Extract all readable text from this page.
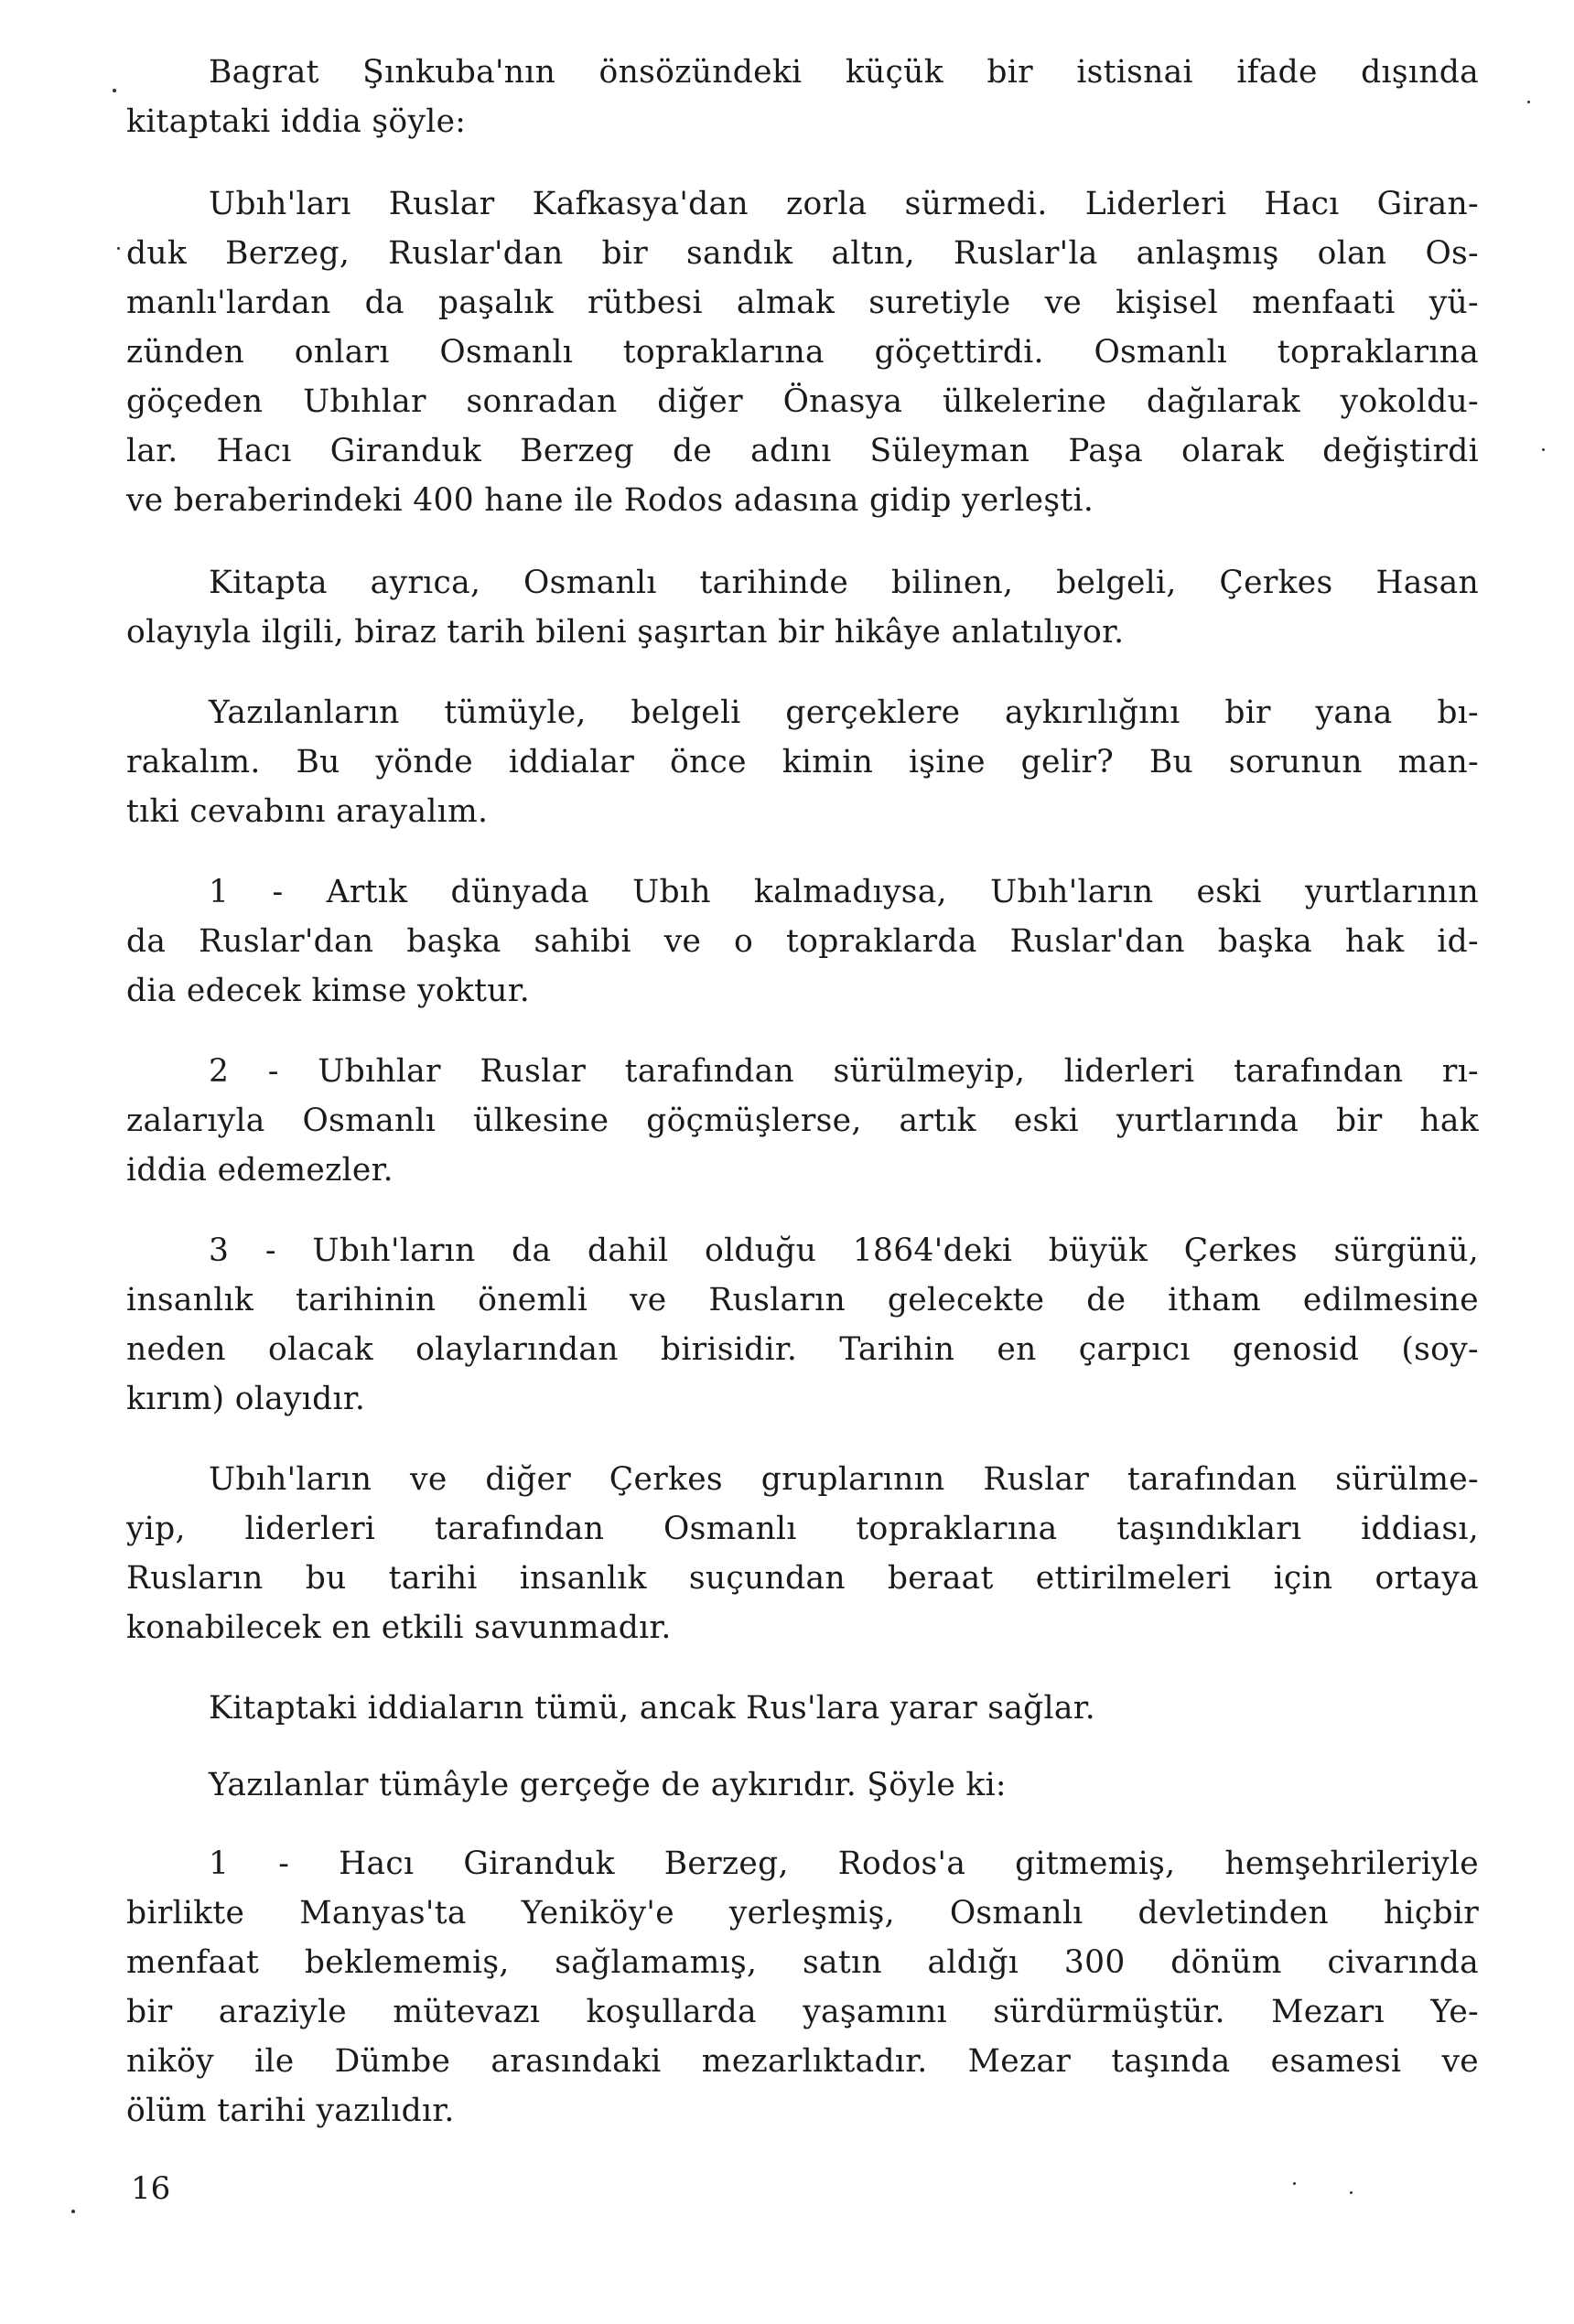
Bagrat Şınkuba'nın önsözündeki küçük bir istisnai ifade dışında
kitaptaki iddia şöyle:
Ubıh'ları Ruslar Kafkasya'dan zorla sürmedi. Liderleri Hacı Giran-
duk Berzeg, Ruslar'dan bir sandık altın, Ruslar'la anlaşmış olan Os-
manlı'lardan da paşalık rütbesi almak suretiyle ve kişisel menfaati yü-
zünden onları Osmanlı topraklarına göçettirdi. Osmanlı topraklarına
göçeden Ubıhlar sonradan diğer Önasya ülkelerine dağılarak yokoldu-
lar. Hacı Giranduk Berzeg de adını Süleyman Paşa olarak değiştirdi
ve beraberindeki 400 hane ile Rodos adasına gidip yerleşti.
Kitapta ayrıca, Osmanlı tarihinde bilinen, belgeli, Çerkes Hasan
olayıyla ilgili, biraz tarih bileni şaşırtan bir hikâye anlatılıyor.
Yazılanların tümüyle, belgeli gerçeklere aykırılığını bir yana bı-
rakalım. Bu yönde iddialar önce kimin işine gelir? Bu sorunun man-
tıki cevabını arayalım.
1 - Artık dünyada Ubıh kalmadıysa, Ubıh'ların eski yurtlarının
da Ruslar'dan başka sahibi ve o topraklarda Ruslar'dan başka hak id-
dia edecek kimse yoktur.
2 - Ubıhlar Ruslar tarafından sürülmeyip, liderleri tarafından rı-
zalarıyla Osmanlı ülkesine göçmüşlerse, artık eski yurtlarında bir hak
iddia edemezler.
3 - Ubıh'ların da dahil olduğu 1864'deki büyük Çerkes sürgünü,
insanlık tarihinin önemli ve Rusların gelecekte de itham edilmesine
neden olacak olaylarından birisidir. Tarihin en çarpıcı genosid (soy-
kırım) olayıdır.
Ubıh'ların ve diğer Çerkes gruplarının Ruslar tarafından sürülme-
yip, liderleri tarafından Osmanlı topraklarına taşındıkları iddiası,
Rusların bu tarihi insanlık suçundan beraat ettirilmeleri için ortaya
konabilecek en etkili savunmadır.
Kitaptaki iddiaların tümü, ancak Rus'lara yarar sağlar.
Yazılanlar tümâyle gerçeğe de aykırıdır. Şöyle ki:
1 - Hacı Giranduk Berzeg, Rodos'a gitmemiş, hemşehrileriyle
birlikte Manyas'ta Yeniköy'e yerleşmiş, Osmanlı devletinden hiçbir
menfaat beklememiş, sağlamamış, satın aldığı 300 dönüm civarında
bir araziyle mütevazı koşullarda yaşamını sürdürmüştür. Mezarı Ye-
niköy ile Dümbe arasındaki mezarlıktadır. Mezar taşında esamesi ve
ölüm tarihi yazılıdır.
16
